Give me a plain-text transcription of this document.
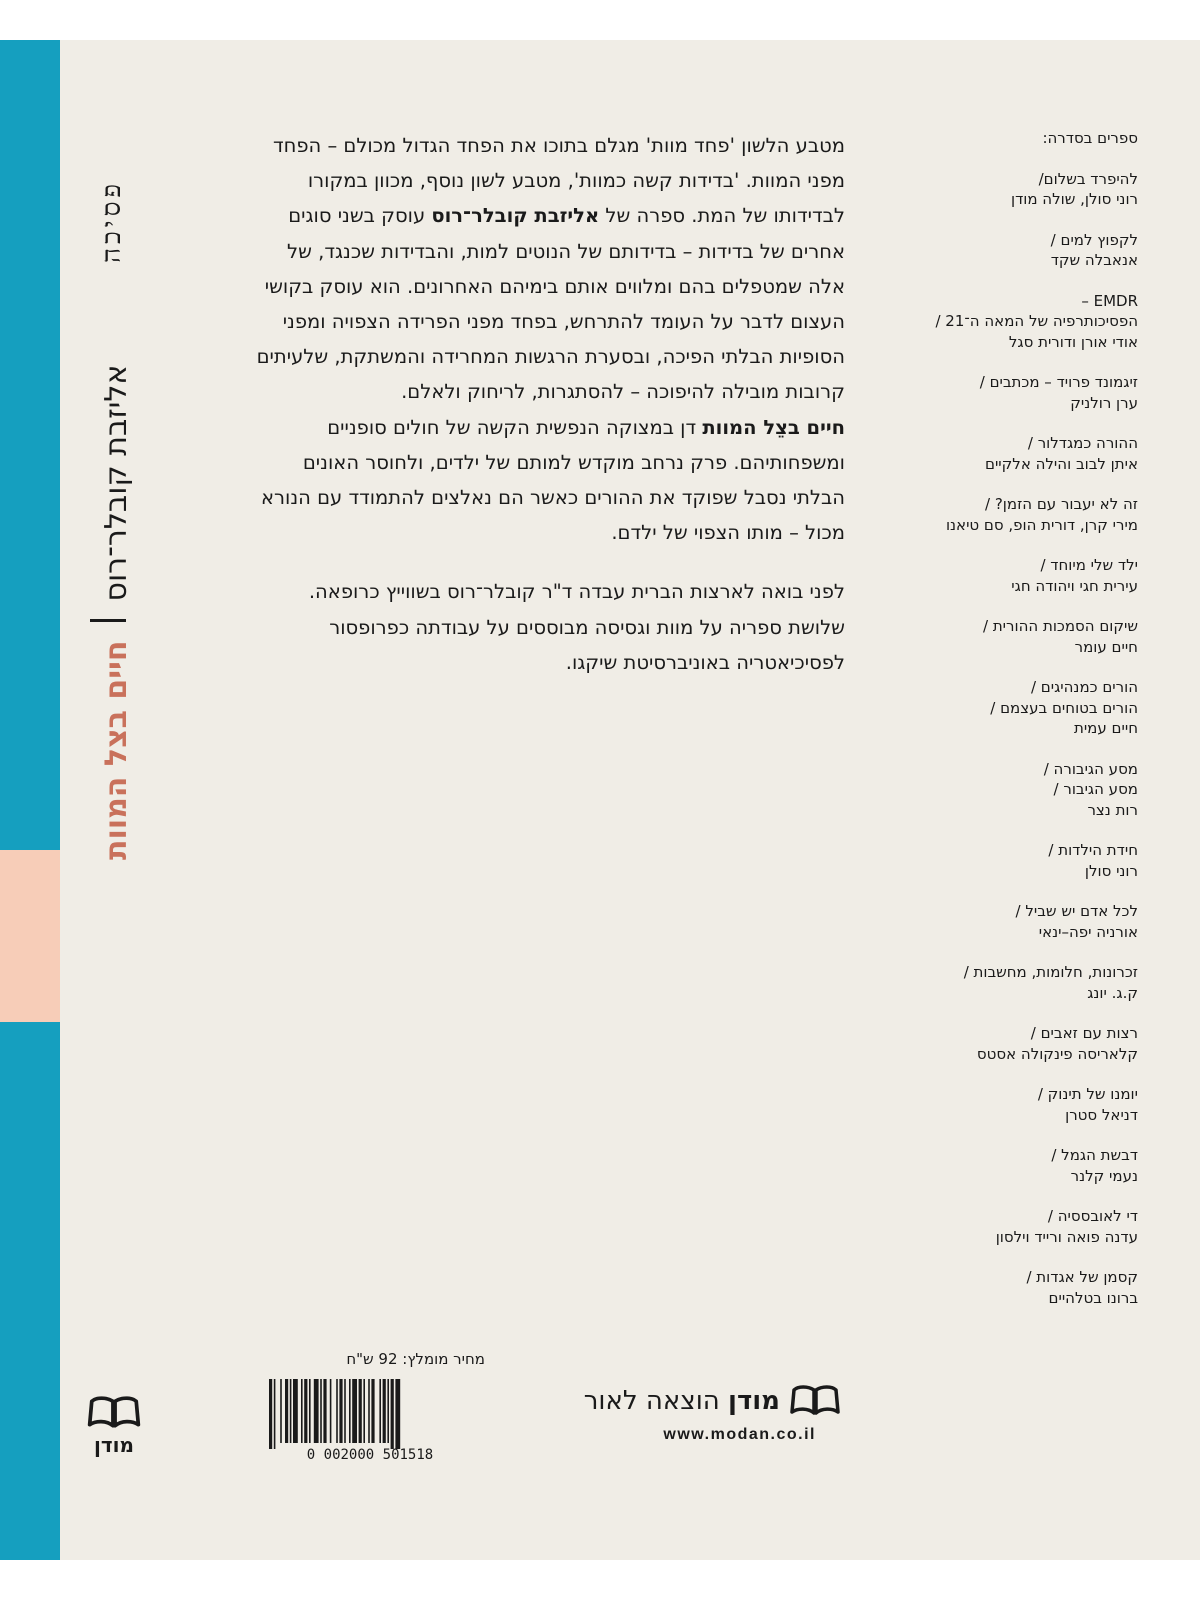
פסיכה
אליזבת קובלר־רוסחיים בצל המוות

מטבע הלשון 'פחד מוות' מגלם בתוכו את הפחד הגדול מכולם – הפחד מפני המוות. 'בדידות קשה כמוות', מטבע לשון נוסף, מכוון במקורו לבדידותו של המת. ספרה של אליזבת קובלר־רוס עוסק בשני סוגים אחרים של בדידות – בדידותם של הנוטים למות, והבדידות שכנגד, של אלה שמטפלים בהם ומלווים אותם בימיהם האחרונים. הוא עוסק בקושי העצום לדבר על העומד להתרחש, בפחד מפני הפרידה הצפויה ומפני הסופיות הבלתי הפיכה, ובסערת הרגשות המחרידה והמשתקת, שלעיתים קרובות מובילה להיפוכה – להסתגרות, לריחוק ולאלם.

חיים בצֵל המוות דן במצוקה הנפשית הקשה של חולים סופניים ומשפחותיהם. פרק נרחב מוקדש למותם של ילדים, ולחוסר האונים הבלתי נסבל שפוקד את ההורים כאשר הם נאלצים להתמודד עם הנורא מכול – מותו הצפוי של ילדם.

לפני בואה לארצות הברית עבדה ד"ר קובלר־רוס בשווייץ כרופאה. שלושת ספריה על מוות וגסיסה מבוססים על עבודתה כפרופסור לפסיכיאטריה באוניברסיטת שיקגו.

ספרים בסדרה:
להיפרד בשלום/
רוני סולן, שולה מודן
לקפוץ למים /
אנאבלה שקד
EMDR –
הפסיכותרפיה של המאה ה־21 /
אודי אורן ודורית סגל
זיגמונד פרויד – מכתבים /
ערן רולניק
ההורה כמגדלור /
איתן לבוב והילה אלקיים
זה לא יעבור עם הזמן? /
מירי קרן, דורית הופ, סם טיאנו
ילד שלי מיוחד /
עירית חגי ויהודה חגי
שיקום הסמכות ההורית /
חיים עומר
הורים כמנהיגים /
הורים בטוחים בעצמם /
חיים עמית
מסע הגיבורה /
מסע הגיבור /
רות נצר
חידת הילדות /
רוני סולן
לכל אדם יש שביל /
אורניה יפה–ינאי
זכרונות, חלומות, מחשבות /
ק.ג. יונג
רצות עם זאבים /
קלאריסה פינקולה אסטס
יומנו של תינוק /
דניאל סטרן
דבשת הגמל /
נעמי קלנר
די לאובססיה /
עדנה פואה ורייד וילסון
קסמן של אגדות /
ברונו בטלהיים
מחיר מומלץ: 92 ש"ח
0 002000 501518
מודן הוצאה לאור
www.modan.co.il
מודן
